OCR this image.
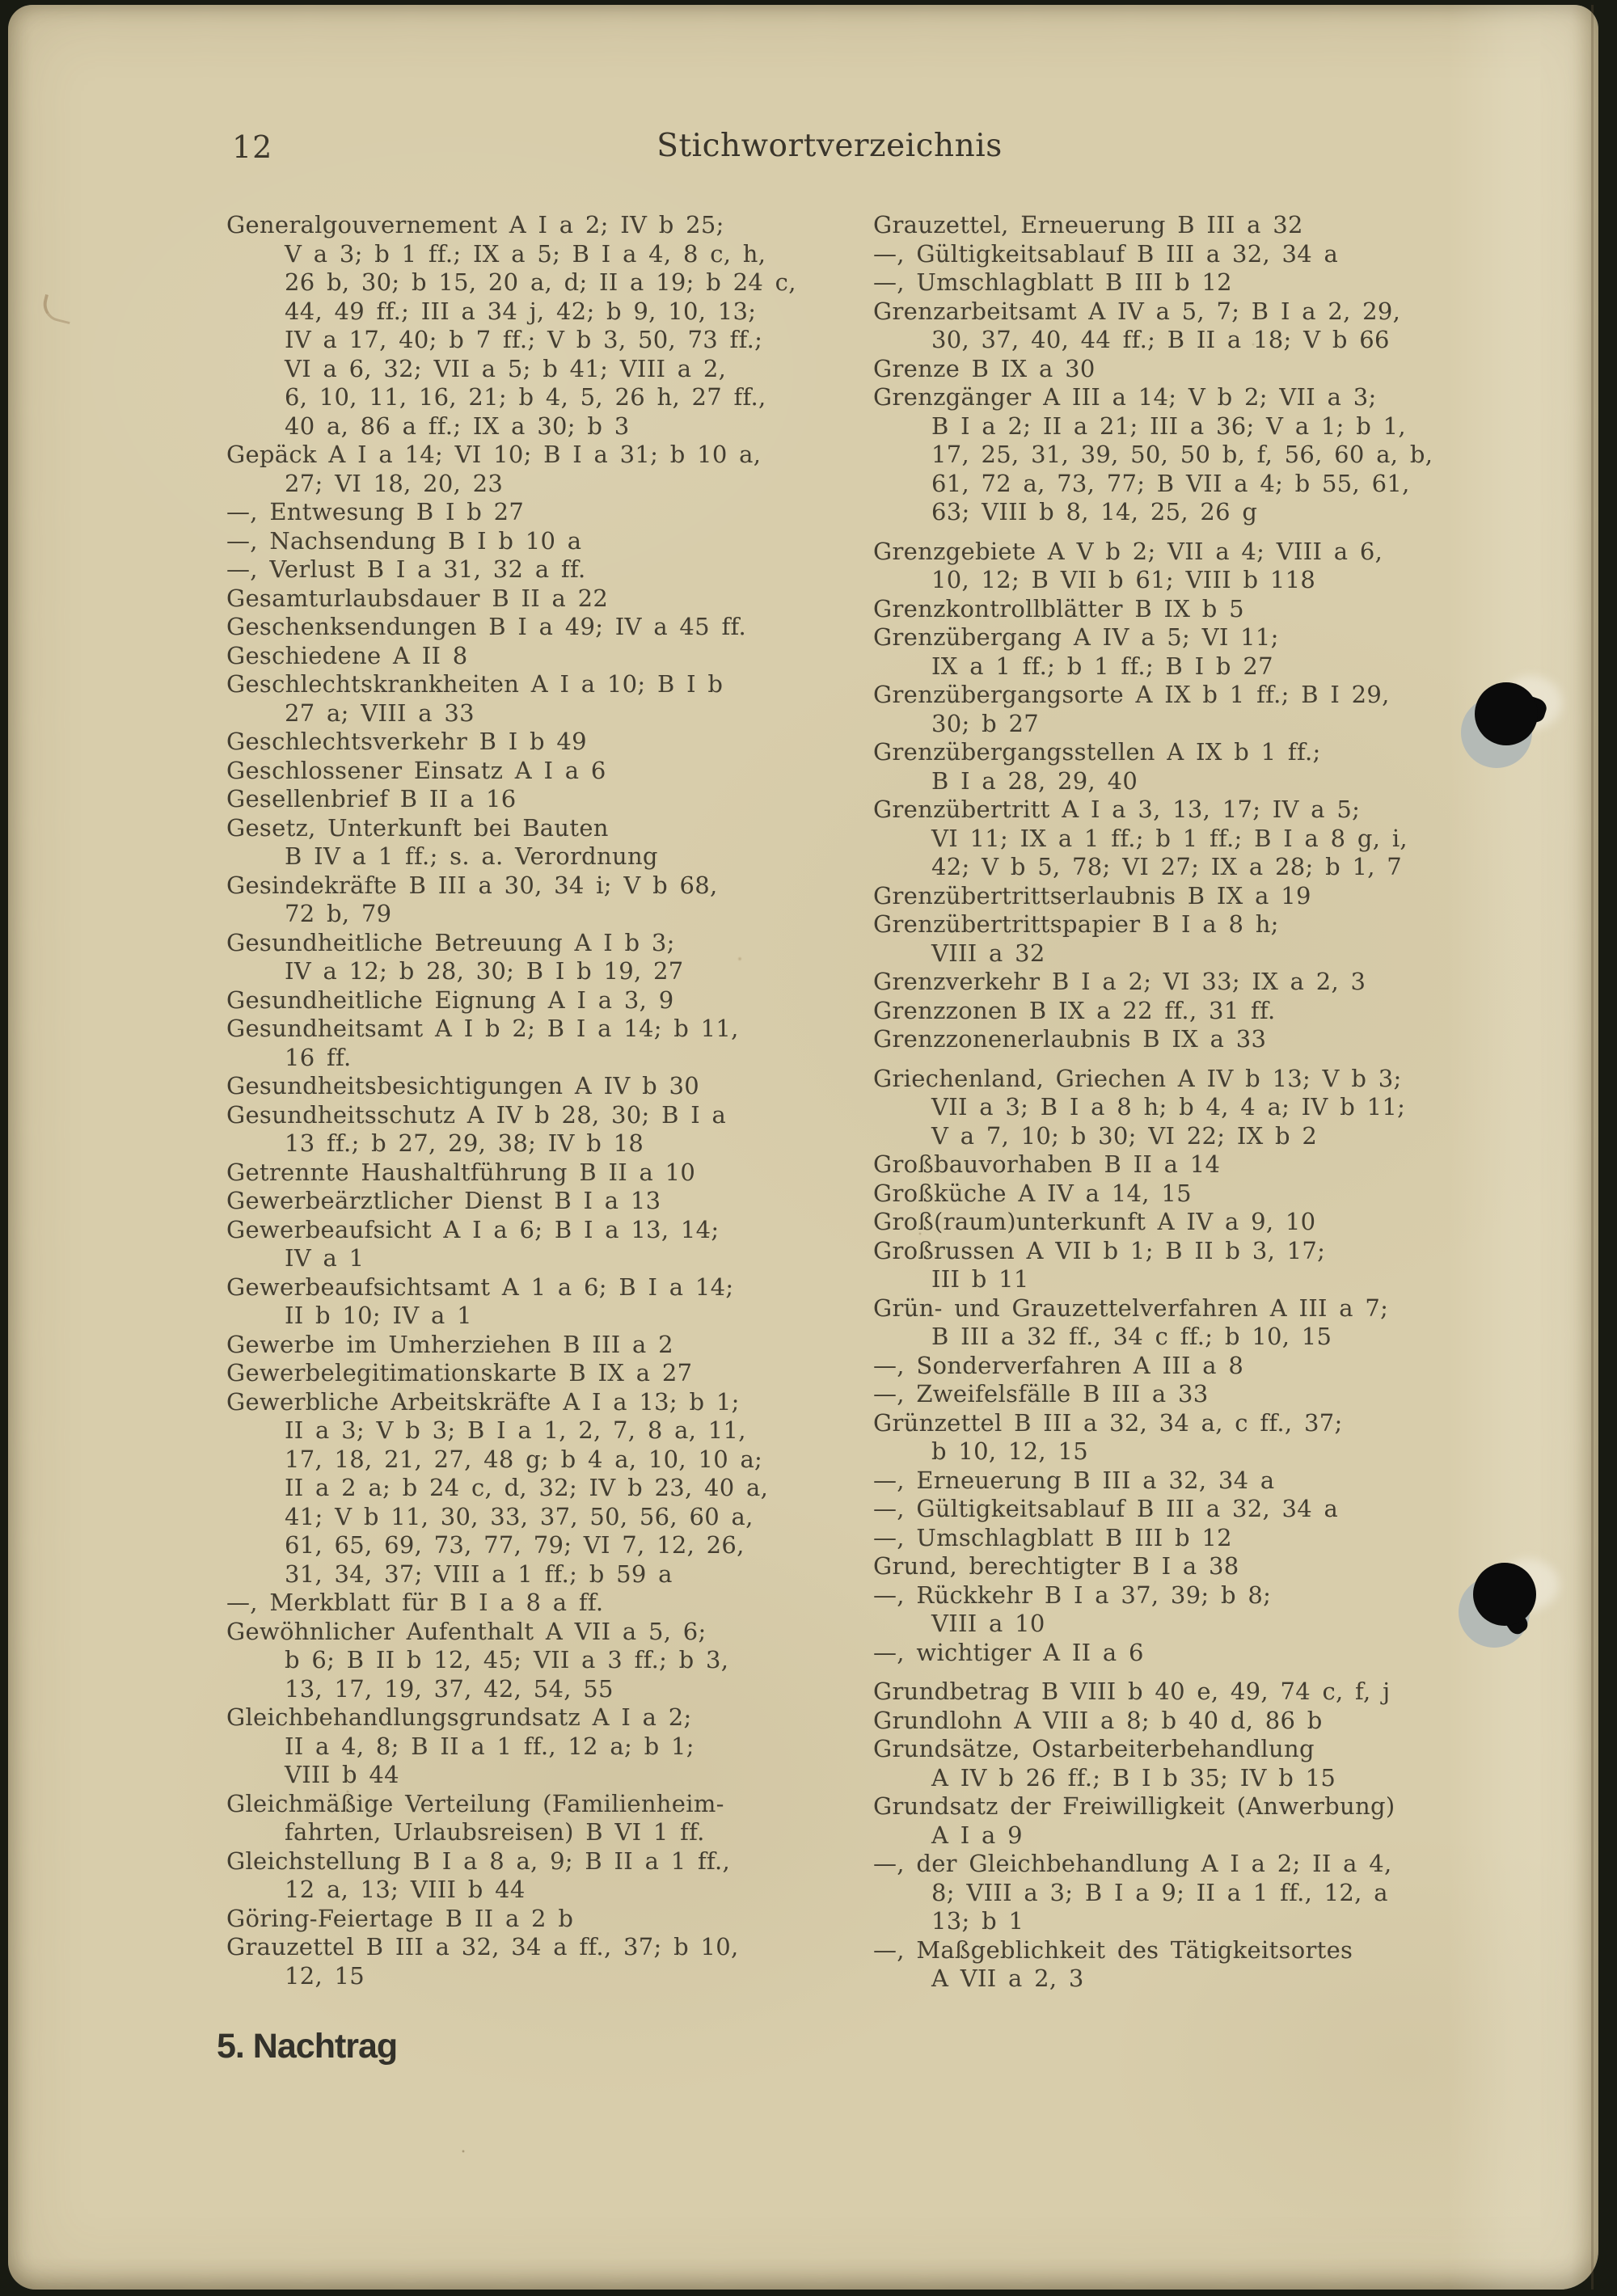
12	Stichwortverzeichnis
Generalgouvernement A I a 2; IV b 25;
V a 3; b 1 ff.; IX a 5; B I a 4, 8 c, h,
26 b, 30; b 15, 20 a, d; II a 19; b 24 c,
44, 49 ff.; III a 34 j, 42; b 9, 10, 13;
IV a 17, 40; b 7 ff.; V b 3, 50, 73 ff.;
VI a 6, 32; VII a 5; b 41; VIII a 2,
6, 10, 11, 16, 21; b 4, 5, 26 h, 27 ff.,
40 a, 86 a ff.; IX a 30; b 3
Gepäck A I a 14; VI 10; B I a 31; b 10 a,
27; VI 18, 20, 23
—, Entwesung B I b 27
—, Nachsendung B I b 10 a
—, Verlust B I a 31, 32 a ff.
Gesamturlaubsdauer B II a 22
Geschenksendungen B I a 49; IV a 45 ff.
Geschiedene A II 8
Geschlechtskrankheiten A I a 10; B I b
27 a; VIII a 33
Geschlechtsverkehr B I b 49
Geschlossener Einsatz A I a 6
Gesellenbrief B II a 16
Gesetz, Unterkunft bei Bauten
B IV a 1 ff.; s. a. Verordnung
Gesindekräfte B III a 30, 34 i; V b 68,
72 b, 79
Gesundheitliche Betreuung A I b 3;
IV a 12; b 28, 30; B I b 19, 27
Gesundheitliche Eignung A I a 3, 9
Gesundheitsamt A I b 2; B I a 14; b 11,
16 ff.
Gesundheitsbesichtigungen A IV b 30
Gesundheitsschutz A IV b 28, 30; B I a
13 ff.; b 27, 29, 38; IV b 18
Getrennte Haushaltführung B II a 10
Gewerbeärztlicher Dienst B I a 13
Gewerbeaufsicht A I a 6; B I a 13, 14;
IV a 1
Gewerbeaufsichtsamt A 1 a 6; B I a 14;
II b 10; IV a 1
Gewerbe im Umherziehen B III a 2
Gewerbelegitimationskarte B IX a 27
Gewerbliche Arbeitskräfte A I a 13; b 1;
II a 3; V b 3; B I a 1, 2, 7, 8 a, 11,
17, 18, 21, 27, 48 g; b 4 a, 10, 10 a;
II a 2 a; b 24 c, d, 32; IV b 23, 40 a,
41; V b 11, 30, 33, 37, 50, 56, 60 a,
61, 65, 69, 73, 77, 79; VI 7, 12, 26,
31, 34, 37; VIII a 1 ff.; b 59 a
—, Merkblatt für B I a 8 a ff.
Gewöhnlicher Aufenthalt A VII a 5, 6;
b 6; B II b 12, 45; VII a 3 ff.; b 3,
13, 17, 19, 37, 42, 54, 55
Gleichbehandlungsgrundsatz A I a 2;
II a 4, 8; B II a 1 ff., 12 a; b 1;
VIII b 44
Gleichmäßige Verteilung (Familienheim-
fahrten, Urlaubsreisen) B VI 1 ff.
Gleichstellung B I a 8 a, 9; B II a 1 ff.,
12 a, 13; VIII b 44
Göring-Feiertage B II a 2 b
Grauzettel B III a 32, 34 a ff., 37; b 10,
12, 15
Grauzettel, Erneuerung B III a 32
—, Gültigkeitsablauf B III a 32, 34 a
—, Umschlagblatt B III b 12
Grenzarbeitsamt A IV a 5, 7; B I a 2, 29,
30, 37, 40, 44 ff.; B II a 18; V b 66
Grenze B IX a 30
Grenzgänger A III a 14; V b 2; VII a 3;
B I a 2; II a 21; III a 36; V a 1; b 1,
17, 25, 31, 39, 50, 50 b, f, 56, 60 a, b,
61, 72 a, 73, 77; B VII a 4; b 55, 61,
63; VIII b 8, 14, 25, 26 g
Grenzgebiete A V b 2; VII a 4; VIII a 6,
10, 12; B VII b 61; VIII b 118
Grenzkontrollblätter B IX b 5
Grenzübergang A IV a 5; VI 11;
IX a 1 ff.; b 1 ff.; B I b 27
Grenzübergangsorte A IX b 1 ff.; B I 29,
30; b 27
Grenzübergangsstellen A IX b 1 ff.;
B I a 28, 29, 40
Grenzübertritt A I a 3, 13, 17; IV a 5;
VI 11; IX a 1 ff.; b 1 ff.; B I a 8 g, i,
42; V b 5, 78; VI 27; IX a 28; b 1, 7
Grenzübertrittserlaubnis B IX a 19
Grenzübertrittspapier B I a 8 h;
VIII a 32
Grenzverkehr B I a 2; VI 33; IX a 2, 3
Grenzzonen B IX a 22 ff., 31 ff.
Grenzzonenerlaubnis B IX a 33
Griechenland, Griechen A IV b 13; V b 3;
VII a 3; B I a 8 h; b 4, 4 a; IV b 11;
V a 7, 10; b 30; VI 22; IX b 2
Großbauvorhaben B II a 14
Großküche A IV a 14, 15
Groß(raum)unterkunft A IV a 9, 10
Großrussen A VII b 1; B II b 3, 17;
III b 11
Grün- und Grauzettelverfahren A III a 7;
B III a 32 ff., 34 c ff.; b 10, 15
—, Sonderverfahren A III a 8
—, Zweifelsfälle B III a 33
Grünzettel B III a 32, 34 a, c ff., 37;
b 10, 12, 15
—, Erneuerung B III a 32, 34 a
—, Gültigkeitsablauf B III a 32, 34 a
—, Umschlagblatt B III b 12
Grund, berechtigter B I a 38
—, Rückkehr B I a 37, 39; b 8;
VIII a 10
—, wichtiger A II a 6
Grundbetrag B VIII b 40 e, 49, 74 c, f, j
Grundlohn A VIII a 8; b 40 d, 86 b
Grundsätze, Ostarbeiterbehandlung
A IV b 26 ff.; B I b 35; IV b 15
Grundsatz der Freiwilligkeit (Anwerbung)
A I a 9
—, der Gleichbehandlung A I a 2; II a 4,
8; VIII a 3; B I a 9; II a 1 ff., 12, a
13; b 1
—, Maßgeblichkeit des Tätigkeitsortes
A VII a 2, 3
5. Nachtrag
